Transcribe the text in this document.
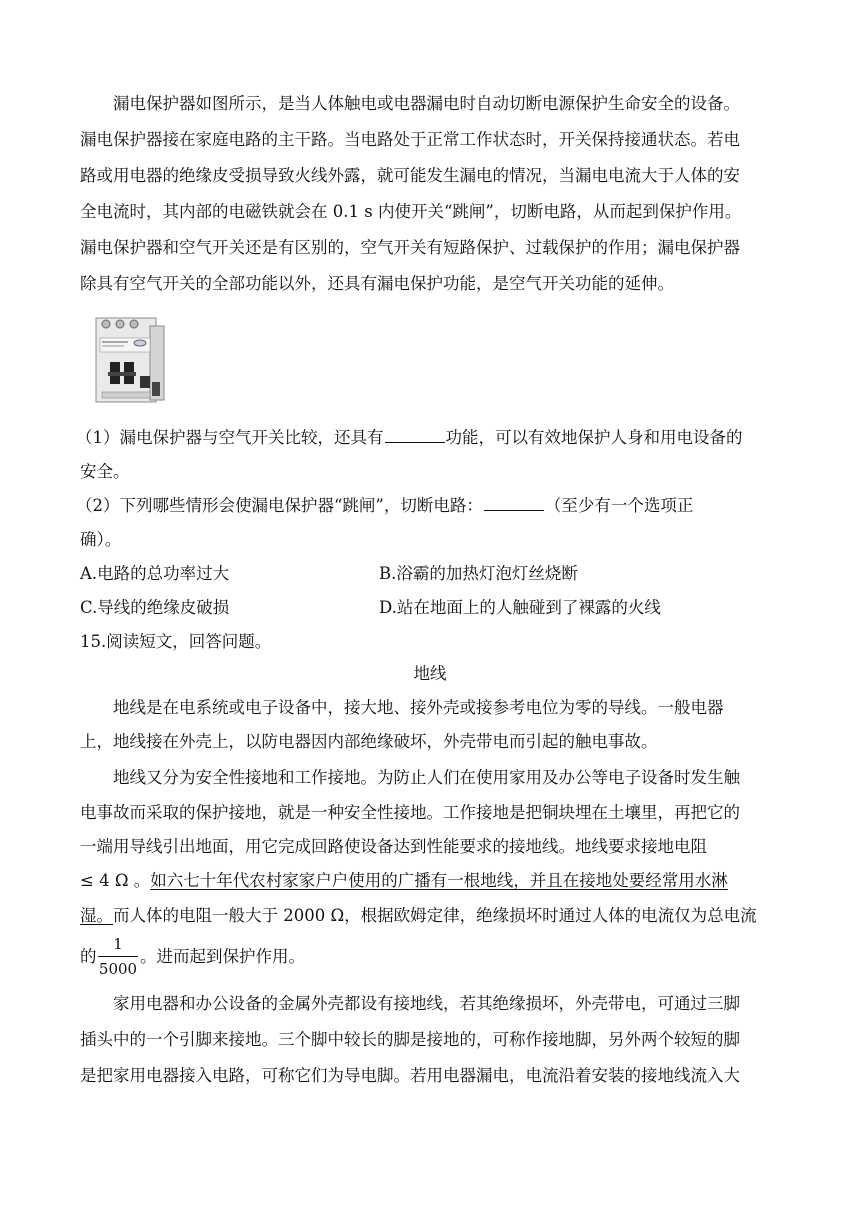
漏电保护器如图所示，是当人体触电或电器漏电时自动切断电源保护生命安全的设备。
漏电保护器接在家庭电路的主干路。当电路处于正常工作状态时，开关保持接通状态。若电
路或用电器的绝缘皮受损导致火线外露，就可能发生漏电的情况，当漏电电流大于人体的安
全电流时，其内部的电磁铁就会在 0.1 s 内使开关“跳闸”，切断电路，从而起到保护作用。
漏电保护器和空气开关还是有区别的，空气开关有短路保护、过载保护的作用；漏电保护器
除具有空气开关的全部功能以外，还具有漏电保护功能，是空气开关功能的延伸。
（1）漏电保护器与空气开关比较，还具有	功能，可以有效地保护人身和用电设备的
安全。
（2）下列哪些情形会使漏电保护器“跳闸”，切断电路：	（至少有一个选项正
确）。
A.电路的总功率过大	B.浴霸的加热灯泡灯丝烧断
C.导线的绝缘皮破损	D.站在地面上的人触碰到了裸露的火线
15.阅读短文，回答问题。
地线
地线是在电系统或电子设备中，接大地、接外壳或接参考电位为零的导线。一般电器
上，地线接在外壳上，以防电器因内部绝缘破坏，外壳带电而引起的触电事故。
地线又分为安全性接地和工作接地。为防止人们在使用家用及办公等电子设备时发生触
电事故而采取的保护接地，就是一种安全性接地。工作接地是把铜块埋在土壤里，再把它的
一端用导线引出地面，用它完成回路使设备达到性能要求的接地线。地线要求接地电阻
≤ 4 Ω 。如六七十年代农村家家户户使用的广播有一根地线，并且在接地处要经常用水淋
湿。而人体的电阻一般大于 2000 Ω，根据欧姆定律，绝缘损坏时通过人体的电流仅为总电流
的
1
5000
。进而起到保护作用。
家用电器和办公设备的金属外壳都设有接地线，若其绝缘损坏，外壳带电，可通过三脚
插头中的一个引脚来接地。三个脚中较长的脚是接地的，可称作接地脚，另外两个较短的脚
是把家用电器接入电路，可称它们为导电脚。若用电器漏电，电流沿着安装的接地线流入大
